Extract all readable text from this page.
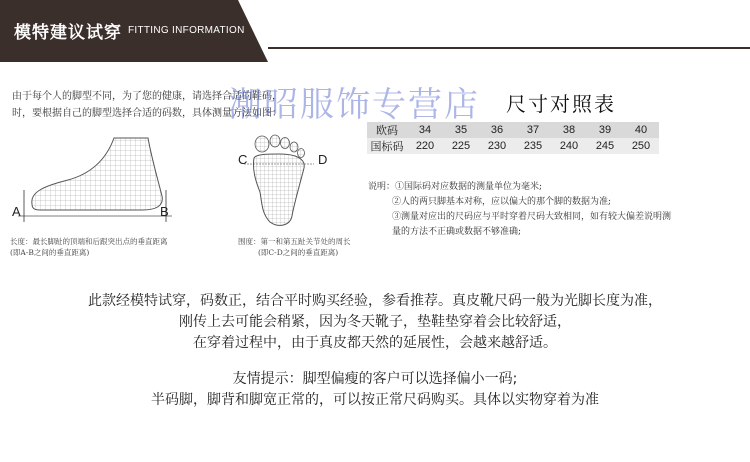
模特建议试穿 FITTING INFORMATION
由于每个人的脚型不同，为了您的健康，请选择合适的鞋码，
时，要根据自己的脚型选择合适的码数，具体测量方法如图：	尺寸对照表
欧码	34	35	36	37	38	39	40
国标码	220	225	230	235	240	245	250
说明：①国际码对应数据的测量单位为毫米;
②人的两只脚基本对称，应以偏大的那个脚的数据为准;
③测量对应出的尺码应与平时穿着尺码大致相同，如有较大偏差说明测
量的方法不正确或数据不够准确;
A	B
C	D
长度：最长脚趾的顶端和后跟突出点的垂直距离
(即A-B之间的垂直距离)
围度：第一和第五趾关节处的周长
(即C-D之间的垂直距离)
潮昭服饰专营店
此款经模特试穿，码数正，结合平时购买经验，参看推荐。真皮靴尺码一般为光脚长度为准，
刚传上去可能会稍紧，因为冬天靴子，垫鞋垫穿着会比较舒适，
在穿着过程中，由于真皮都天然的延展性，会越来越舒适。
友情提示：脚型偏瘦的客户可以选择偏小一码;
半码脚，脚背和脚宽正常的，可以按正常尺码购买。具体以实物穿着为准
